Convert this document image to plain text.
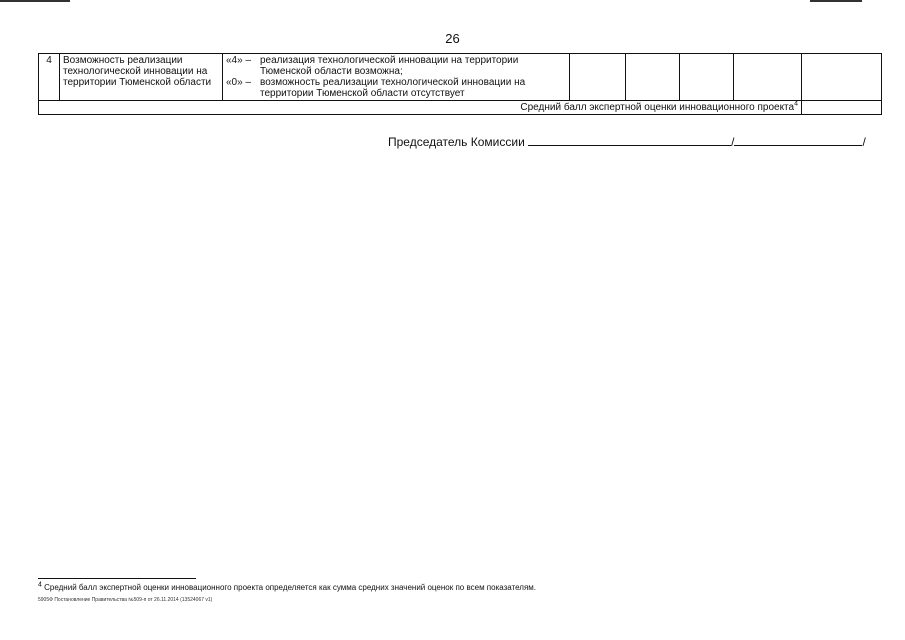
26
4	Возможность реализации технологической инновации на территории Тюменской области	«4» – реализация технологической инновации на территории Тюменской области возможна;
«0» – возможность реализации технологической инновации на территории Тюменской области отсутствует					

Средний балл экспертной оценки инновационного проекта$^4$	
Председатель Комиссии	/	/
$^4$ Средний балл экспертной оценки инновационного проекта определяется как сумма средних значений оценок по всем показателям.
5905Ф Постановление Правительства №509-п от 26.11.2014 (13524067 v1)
